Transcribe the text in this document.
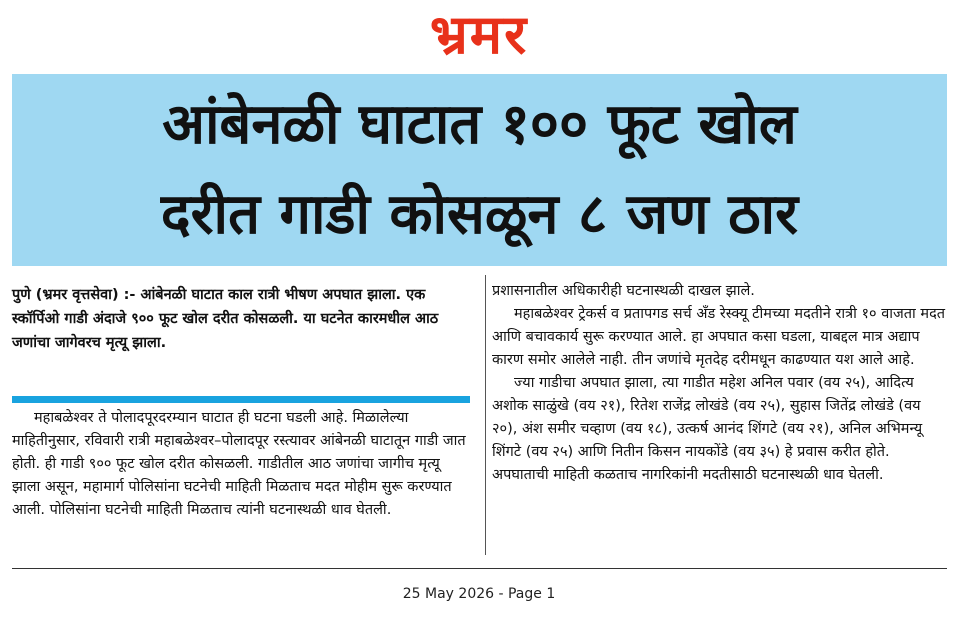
भ्रमर
आंबेनळी घाटात १०० फूट खोल
दरीत गाडी कोसळून ८ जण ठार
पुणे (भ्रमर वृत्तसेवा) :- आंबेनळी घाटात काल रात्री भीषण अपघात झाला. एक स्कॉर्पिओ गाडी अंदाजे ९०० फूट खोल दरीत कोसळली. या घटनेत कारमधील आठ जणांचा जागेवरच मृत्यू झाला.

महाबळेश्वर ते पोलादपूरदरम्यान घाटात ही घटना घडली आहे. मिळालेल्या माहितीनुसार, रविवारी रात्री महाबळेश्वर–पोलादपूर रस्त्यावर आंबेनळी घाटातून गाडी जात होती. ही गाडी ९०० फूट खोल दरीत कोसळली. गाडीतील आठ जणांचा जागीच मृत्यू झाला असून, महामार्ग पोलिसांना घटनेची माहिती मिळताच मदत मोहीम सुरू करण्यात आली. पोलिसांना घटनेची माहिती मिळताच त्यांनी घटनास्थळी धाव घेतली.

प्रशासनातील अधिकारीही घटनास्थळी दाखल झाले.

महाबळेश्वर ट्रेकर्स व प्रतापगड सर्च अँड रेस्क्यू टीमच्या मदतीने रात्री १० वाजता मदत आणि बचावकार्य सुरू करण्यात आले. हा अपघात कसा घडला, याबद्दल मात्र अद्याप कारण समोर आलेले नाही. तीन जणांचे मृतदेह दरीमधून काढण्यात यश आले आहे.

ज्या गाडीचा अपघात झाला, त्या गाडीत महेश अनिल पवार (वय २५), आदित्य अशोक साळुंखे (वय २१), रितेश राजेंद्र लोखंडे (वय २५), सुहास जितेंद्र लोखंडे (वय २०), अंश समीर चव्हाण (वय १८), उत्कर्ष आनंद शिंगटे (वय २१), अनिल अभिमन्यू शिंगटे (वय २५) आणि नितीन किसन नायकोंडे (वय ३५) हे प्रवास करीत होते. अपघाताची माहिती कळताच नागरिकांनी मदतीसाठी घटनास्थळी धाव घेतली.

25 May 2026 - Page 1
